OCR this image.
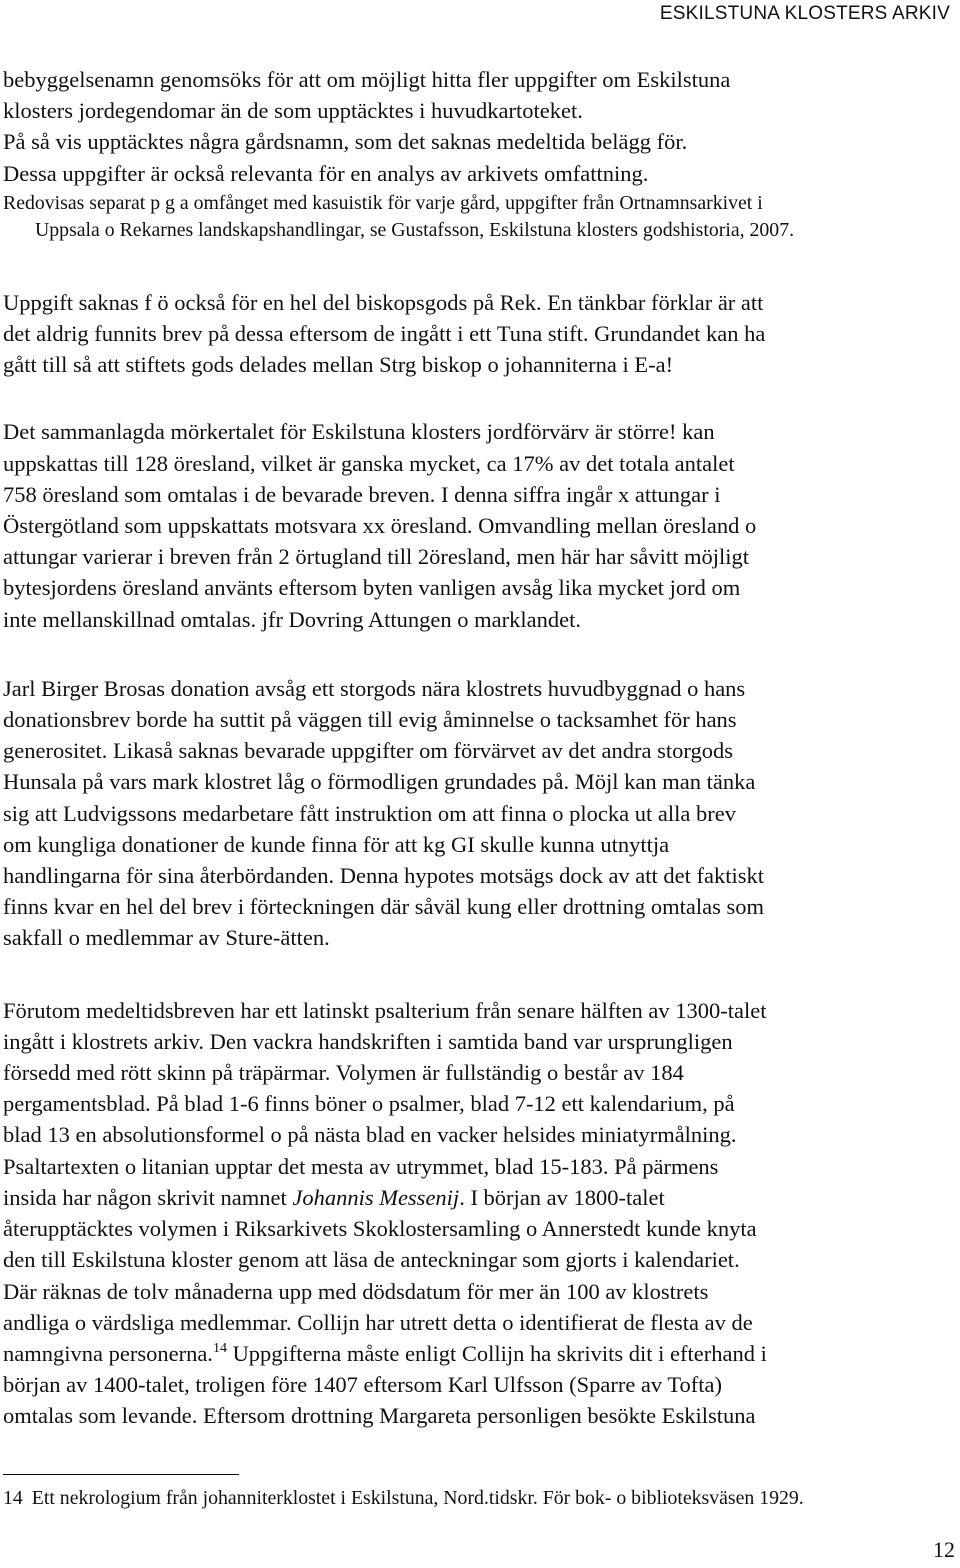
ESKILSTUNA KLOSTERS ARKIV

bebyggelsenamn genomsöks för att om möjligt hitta fler uppgifter om Eskilstuna
klosters jordegendomar än de som upptäcktes i huvudkartoteket.
På så vis upptäcktes några gårdsnamn, som det saknas medeltida belägg för.
Dessa uppgifter är också relevanta för en analys av arkivets omfattning.

Redovisas separat p g a omfånget med kasuistik för varje gård, uppgifter från Ortnamnsarkivet i
Uppsala o Rekarnes landskapshandlingar, se Gustafsson, Eskilstuna klosters godshistoria, 2007.

Uppgift saknas f ö också för en hel del biskopsgods på Rek. En tänkbar förklar är att
det aldrig funnits brev på dessa eftersom de ingått i ett Tuna stift. Grundandet kan ha
gått till så att stiftets gods delades mellan Strg biskop o johanniterna i E-a!

Det sammanlagda mörkertalet för Eskilstuna klosters jordförvärv är större! kan
uppskattas till 128 öresland, vilket är ganska mycket, ca 17% av det totala antalet
758 öresland som omtalas i de bevarade breven. I denna siffra ingår x attungar i
Östergötland som uppskattats motsvara xx öresland. Omvandling mellan öresland o
attungar varierar i breven från 2 örtugland till 2öresland, men här har såvitt möjligt
bytesjordens öresland använts eftersom byten vanligen avsåg lika mycket jord om
inte mellanskillnad omtalas. jfr Dovring Attungen o marklandet.

Jarl Birger Brosas donation avsåg ett storgods nära klostrets huvudbyggnad o hans
donationsbrev borde ha suttit på väggen till evig åminnelse o tacksamhet för hans
generositet. Likaså saknas bevarade uppgifter om förvärvet av det andra storgods
Hunsala på vars mark klostret låg o förmodligen grundades på. Möjl kan man tänka
sig att Ludvigssons medarbetare fått instruktion om att finna o plocka ut alla brev
om kungliga donationer de kunde finna för att kg GI skulle kunna utnyttja
handlingarna för sina återbördanden. Denna hypotes motsägs dock av att det faktiskt
finns kvar en hel del brev i förteckningen där såväl kung eller drottning omtalas som
sakfall o medlemmar av Sture-ätten.

Förutom medeltidsbreven har ett latinskt psalterium från senare hälften av 1300-talet
ingått i klostrets arkiv. Den vackra handskriften i samtida band var ursprungligen
försedd med rött skinn på träpärmar. Volymen är fullständig o består av 184
pergamentsblad. På blad 1-6 finns böner o psalmer, blad 7-12 ett kalendarium, på
blad 13 en absolutionsformel o på nästa blad en vacker helsides miniatyrmålning.
Psaltartexten o litanian upptar det mesta av utrymmet, blad 15-183. På pärmens
insida har någon skrivit namnet Johannis Messenij. I början av 1800-talet
återupptäcktes volymen i Riksarkivets Skoklostersamling o Annerstedt kunde knyta
den till Eskilstuna kloster genom att läsa de anteckningar som gjorts i kalendariet.
Där räknas de tolv månaderna upp med dödsdatum för mer än 100 av klostrets
andliga o värdsliga medlemmar. Collijn har utrett detta o identifierat de flesta av de
namngivna personerna.$^{14}$ Uppgifterna måste enligt Collijn ha skrivits dit i efterhand i
början av 1400-talet, troligen före 1407 eftersom Karl Ulfsson (Sparre av Tofta)
omtalas som levande. Eftersom drottning Margareta personligen besökte Eskilstuna

14 Ett nekrologium från johanniterklostet i Eskilstuna, Nord.tidskr. För bok- o biblioteksväsen 1929.
12
